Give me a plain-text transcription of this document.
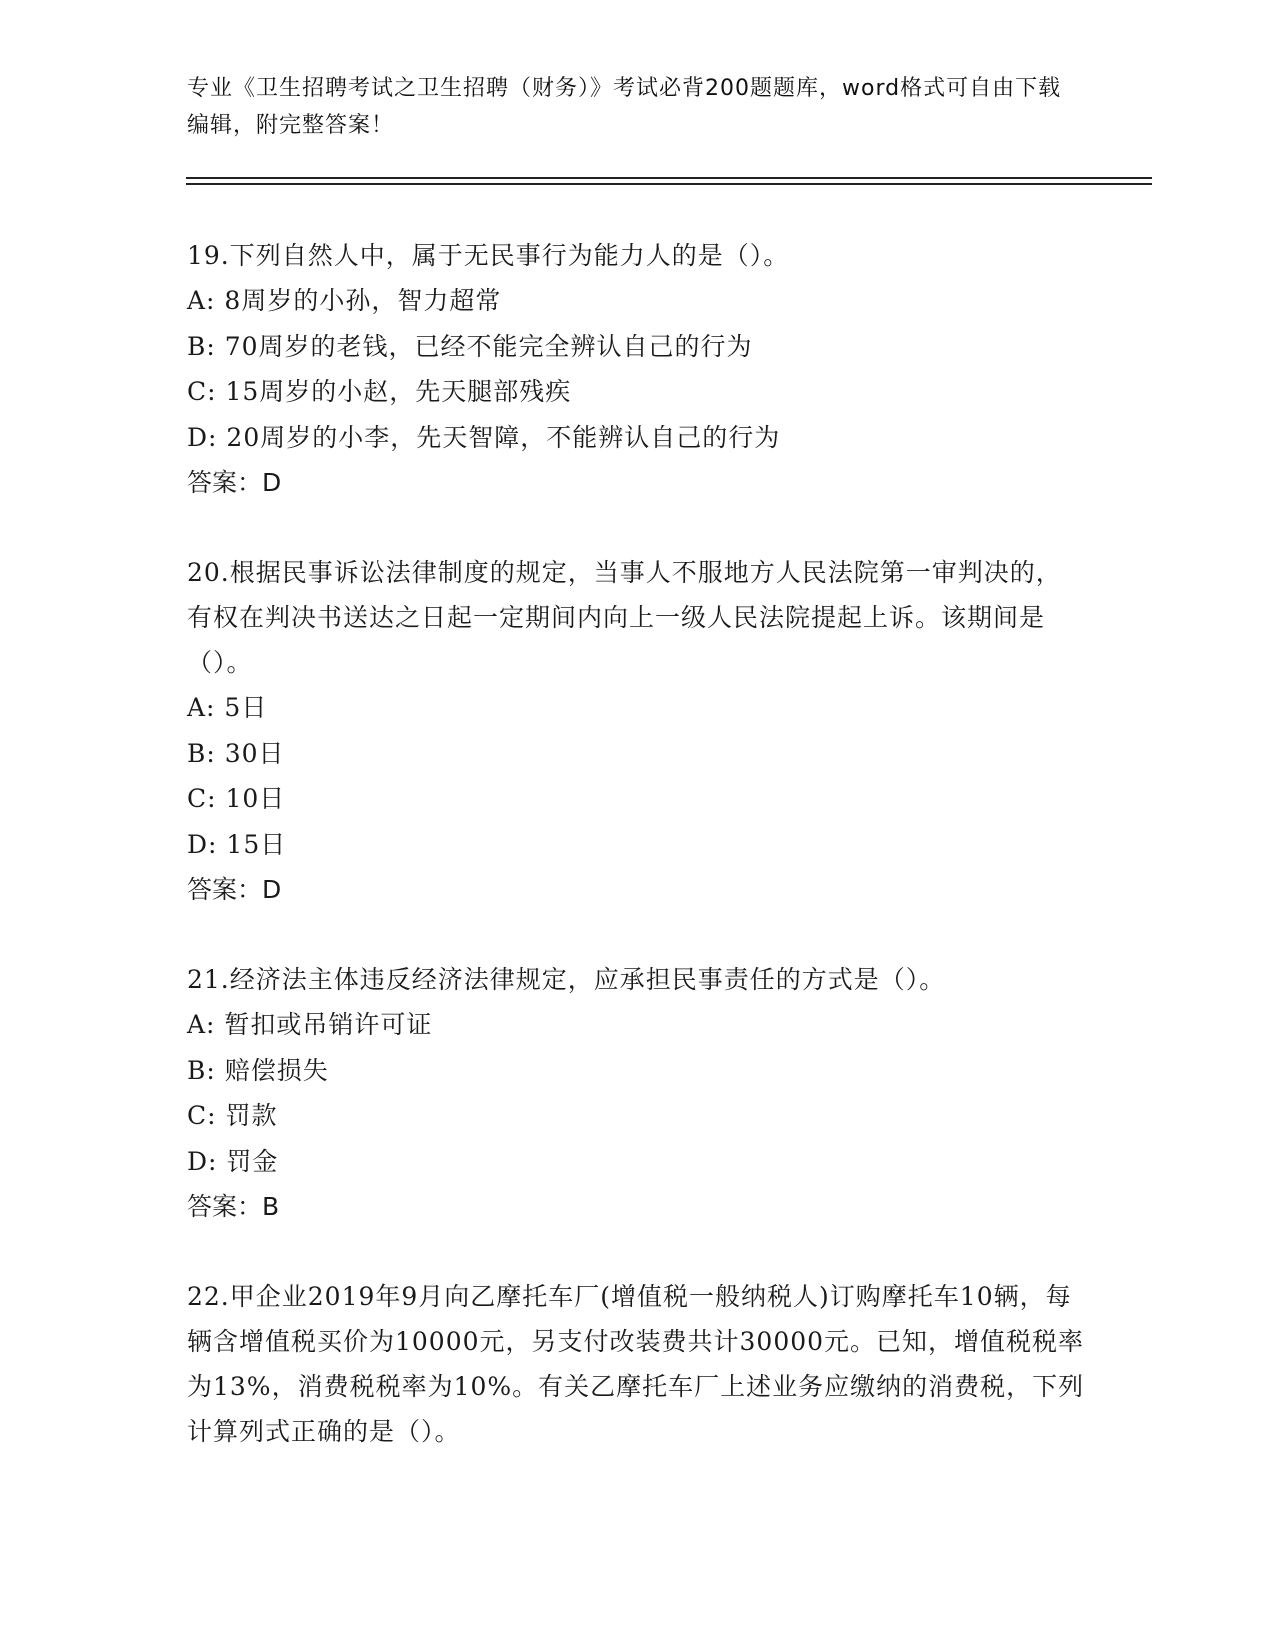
专业《卫生招聘考试之卫生招聘（财务）》考试必背200题题库，word格式可自由下载编辑，附完整答案！

19.下列自然人中，属于无民事行为能力人的是（）。

A: 8周岁的小孙，智力超常

B: 70周岁的老钱，已经不能完全辨认自己的行为

C: 15周岁的小赵，先天腿部残疾

D: 20周岁的小李，先天智障，不能辨认自己的行为

答案：D

20.根据民事诉讼法律制度的规定，当事人不服地方人民法院第一审判决的，有权在判决书送达之日起一定期间内向上一级人民法院提起上诉。该期间是（）。

A: 5日

B: 30日

C: 10日

D: 15日

答案：D

21.经济法主体违反经济法律规定，应承担民事责任的方式是（）。

A: 暂扣或吊销许可证

B: 赔偿损失

C: 罚款

D: 罚金

答案：B

22.甲企业2019年9月向乙摩托车厂(增值税一般纳税人)订购摩托车10辆，每辆含增值税买价为10000元，另支付改装费共计30000元。已知，增值税税率为13%，消费税税率为10%。有关乙摩托车厂上述业务应缴纳的消费税，下列计算列式正确的是（）。
